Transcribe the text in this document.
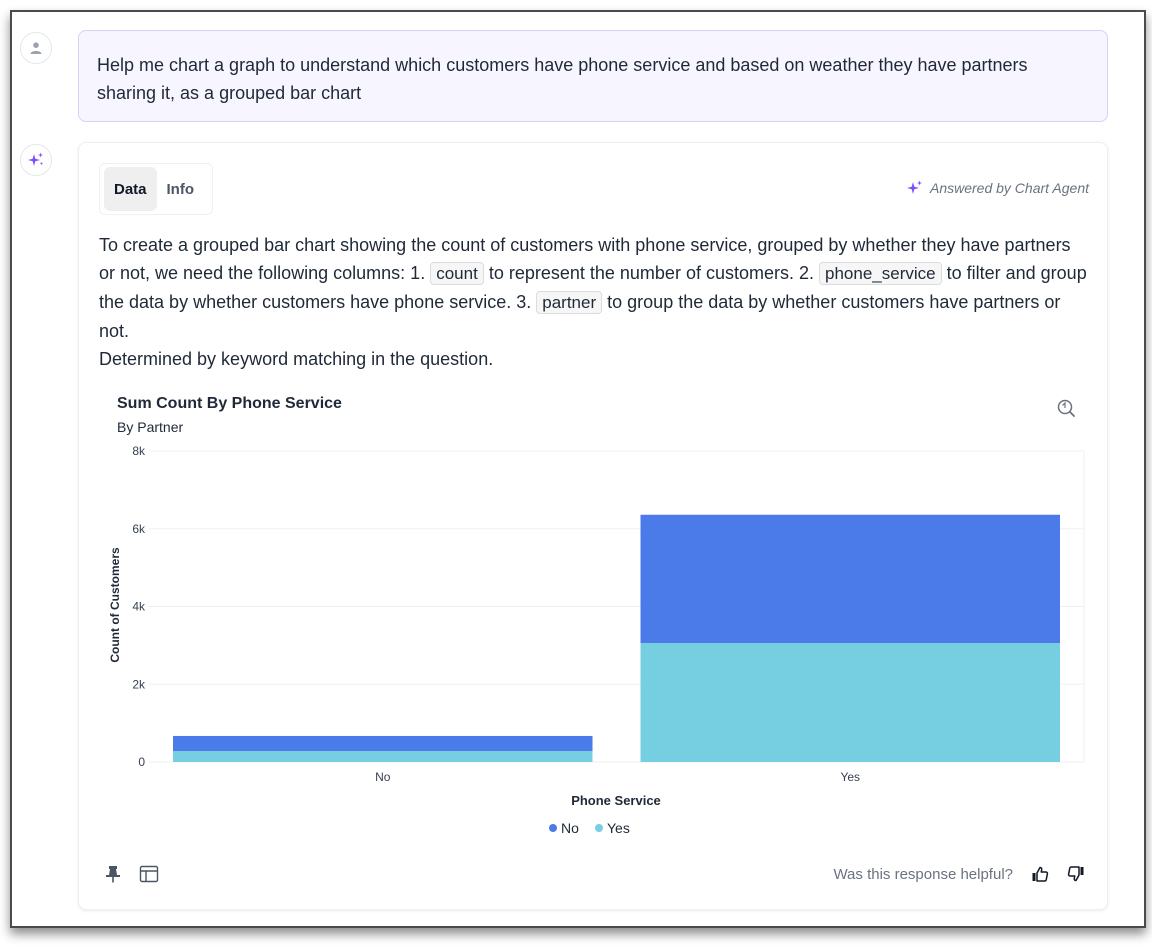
Help me chart a graph to understand which customers have phone service and based on weather they have partners sharing it, as a grouped bar chart
Data	Info	Answered by Chart Agent
To create a grouped bar chart showing the count of customers with phone service, grouped by whether they have partners or not, we need the following columns: 1. count to represent the number of customers. 2. phone_service to filter and group the data by whether customers have phone service. 3. partner to group the data by whether customers have partners or not.
Determined by keyword matching in the question.
Sum Count By Phone Service
By Partner
0
2k
4k
6k
8k
No	Yes
Count of Customers
Phone Service
No Yes
Was this response helpful?
